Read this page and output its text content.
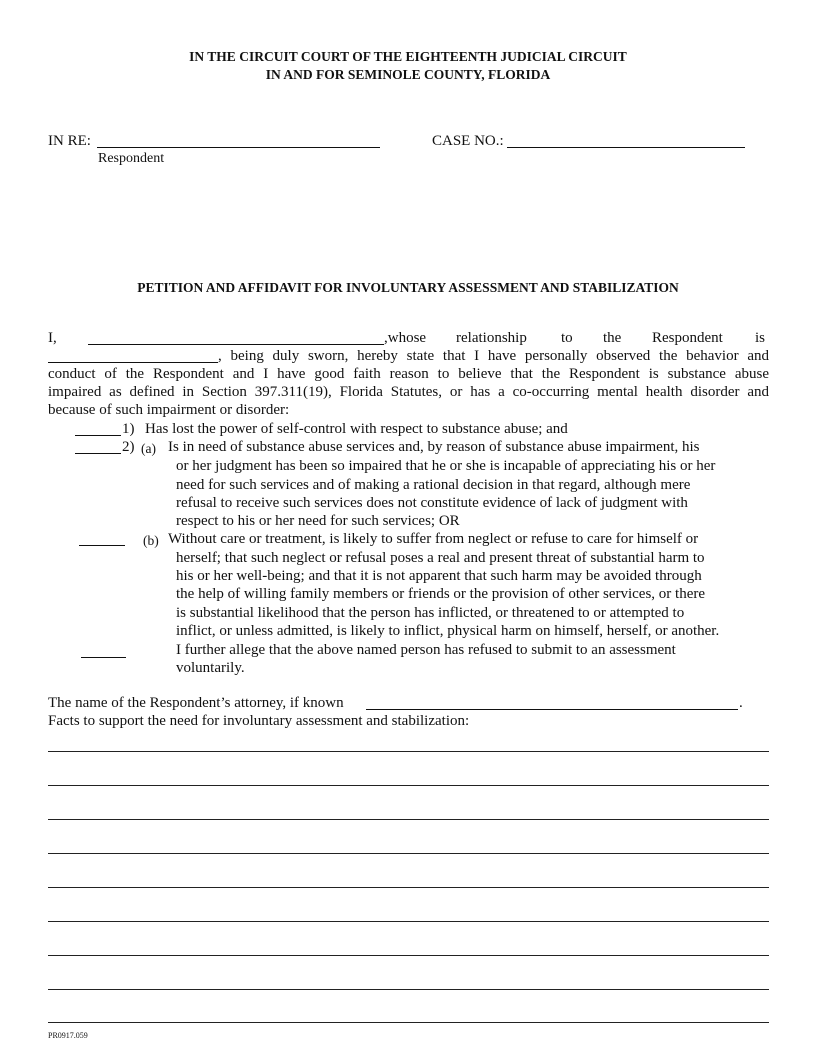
IN THE CIRCUIT COURT OF THE EIGHTEENTH JUDICIAL CIRCUIT
IN AND FOR SEMINOLE COUNTY, FLORIDA
IN RE:
Respondent
CASE NO.:
PETITION AND AFFIDAVIT FOR INVOLUNTARY ASSESSMENT AND STABILIZATION
I,	,whose relationship to the Respondent is
, being duly sworn, hereby state that I have personally observed the behavior and
conduct of the Respondent and I have good faith reason to believe that the Respondent is substance abuse
impaired as defined in Section 397.311(19), Florida Statutes, or has a co-occurring mental health disorder and
because of such impairment or disorder:
1) Has lost the power of self-control with respect to substance abuse; and
2) (a) Is in need of substance abuse services and, by reason of substance abuse impairment, his
or her judgment has been so impaired that he or she is incapable of appreciating his or her
need for such services and of making a rational decision in that regard, although mere
refusal to receive such services does not constitute evidence of lack of judgment with
respect to his or her need for such services; OR
(b) Without care or treatment, is likely to suffer from neglect or refuse to care for himself or
herself; that such neglect or refusal poses a real and present threat of substantial harm to
his or her well-being; and that it is not apparent that such harm may be avoided through
the help of willing family members or friends or the provision of other services, or there
is substantial likelihood that the person has inflicted, or threatened to or attempted to
inflict, or unless admitted, is likely to inflict, physical harm on himself, herself, or another.
I further allege that the above named person has refused to submit to an assessment
voluntarily.
The name of the Respondent’s attorney, if known	.
Facts to support the need for involuntary assessment and stabilization:
PR0917.059
